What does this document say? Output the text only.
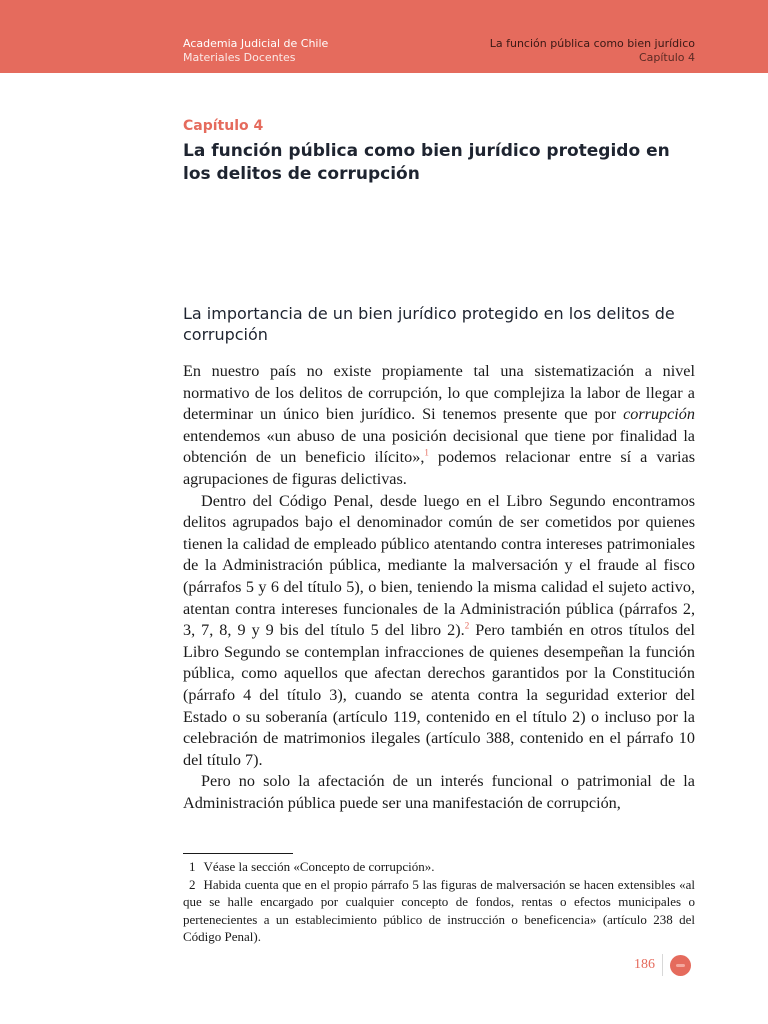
Academia Judicial de Chile
Materiales Docentes
La función pública como bien jurídico
Capítulo 4
Capítulo 4
La función pública como bien jurídico protegido en los delitos de corrupción
La importancia de un bien jurídico protegido en los delitos de corrupción

En nuestro país no existe propiamente tal una sistematización a nivel normativo de los delitos de corrupción, lo que complejiza la labor de llegar a determinar un único bien jurídico. Si tenemos presente que por corrupción entendemos «un abuso de una posición decisional que tiene por finalidad la obtención de un beneficio ilícito»,$^1$ podemos relacionar entre sí a varias agrupaciones de figuras delictivas.

Dentro del Código Penal, desde luego en el Libro Segundo encontramos delitos agrupados bajo el denominador común de ser cometidos por quienes tienen la calidad de empleado público atentando contra intereses patrimoniales de la Administración pública, mediante la malversación y el fraude al fisco (párrafos 5 y 6 del título 5), o bien, teniendo la misma calidad el sujeto activo, atentan contra intereses funcionales de la Administración pública (párrafos 2, 3, 7, 8, 9 y 9 bis del título 5 del libro 2).$^2$ Pero también en otros títulos del Libro Segundo se contemplan infracciones de quienes desempeñan la función pública, como aquellos que afectan derechos garantidos por la Constitución (párrafo 4 del título 3), cuando se atenta contra la seguridad exterior del Estado o su soberanía (artículo 119, contenido en el título 2) o incluso por la celebración de matrimonios ilegales (artículo 388, contenido en el párrafo 10 del título 7).

Pero no solo la afectación de un interés funcional o patrimonial de la Administración pública puede ser una manifestación de corrupción,

1 Véase la sección «Concepto de corrupción».

2 Habida cuenta que en el propio párrafo 5 las figuras de malversación se hacen extensibles «al que se halle encargado por cualquier concepto de fondos, rentas o efectos municipales o pertenecientes a un establecimiento público de instrucción o beneficencia» (artículo 238 del Código Penal).

186
